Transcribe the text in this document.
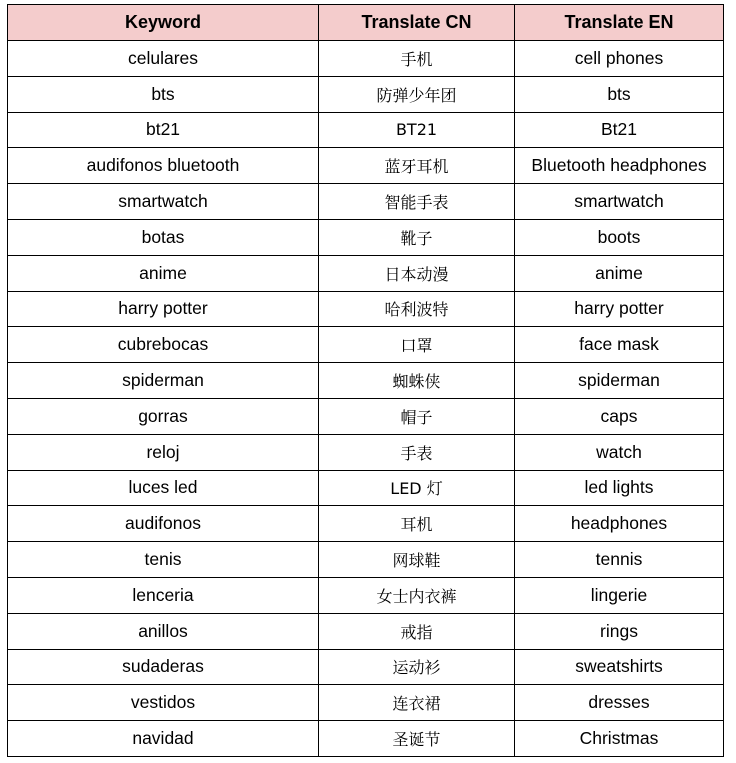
Keyword	Translate CN	Translate EN
celulares	手机	cell phones
bts	防弹少年团	bts
bt21	BT21	Bt21
audifonos bluetooth	蓝牙耳机	Bluetooth headphones
smartwatch	智能手表	smartwatch
botas	靴子	boots
anime	日本动漫	anime
harry potter	哈利波特	harry potter
cubrebocas	口罩	face mask
spiderman	蜘蛛侠	spiderman
gorras	帽子	caps
reloj	手表	watch
luces led	LED 灯	led lights
audifonos	耳机	headphones
tenis	网球鞋	tennis
lenceria	女士内衣裤	lingerie
anillos	戒指	rings
sudaderas	运动衫	sweatshirts
vestidos	连衣裙	dresses
navidad	圣诞节	Christmas
